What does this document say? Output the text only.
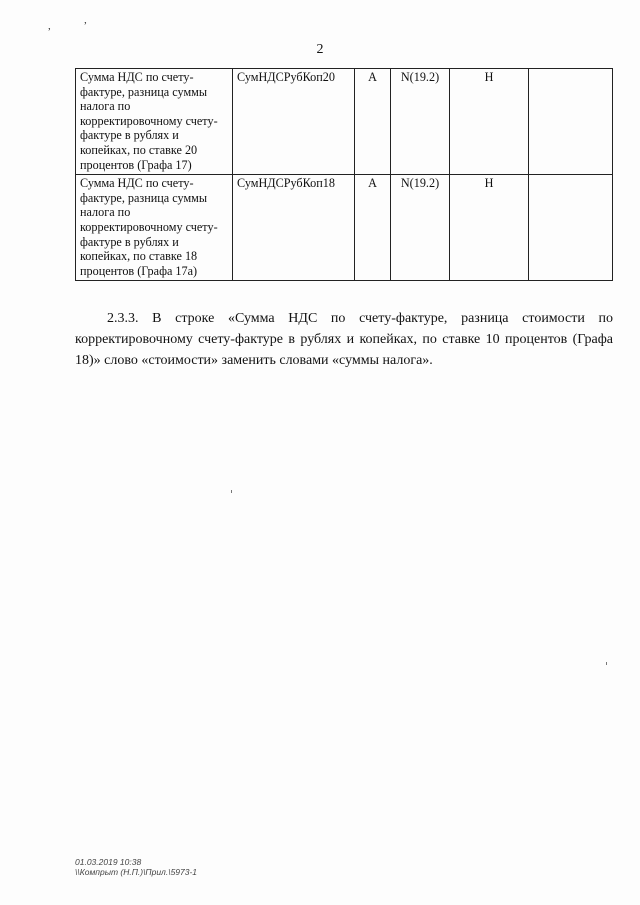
,	ʼ
2
Сумма НДС по счету-фактуре, разница суммы налога по корректировочному счету-фактуре в рублях и копейках, по ставке 20 процентов (Графа 17)	СумНДСРубКоп20	А	N(19.2)	Н	
Сумма НДС по счету-фактуре, разница суммы налога по корректировочному счету-фактуре в рублях и копейках, по ставке 18 процентов (Графа 17а)	СумНДСРубКоп18	А	N(19.2)	Н	

2.3.3. В строке «Сумма НДС по счету-фактуре, разница стоимости по корректировочному счету-фактуре в рублях и копейках, по ставке 10 процентов (Графа 18)» слово «стоимости» заменить словами «суммы налога».

01.03.2019 10:38
\\Компрыт (Н.П.)\Прил.\5973-1
